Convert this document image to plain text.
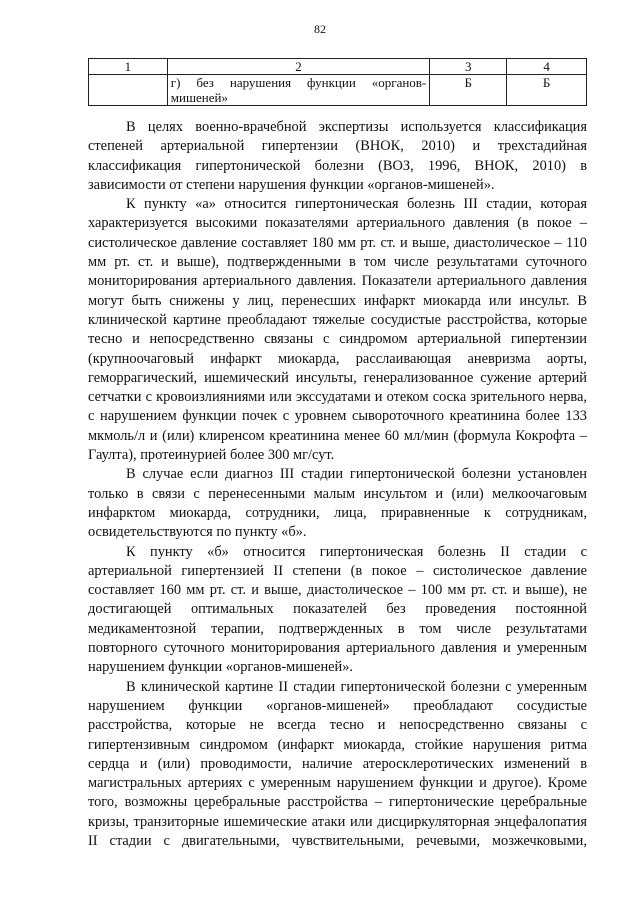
82
1	2	3	4
	г) без нарушения функции «органов-мишеней»	Б	Б

В целях военно-врачебной экспертизы используется классификация степеней артериальной гипертензии (ВНОК, 2010) и трехстадийная классификация гипертонической болезни (ВОЗ, 1996, ВНОК, 2010) в зависимости от степени нарушения функции «органов-мишеней».

К пункту «а» относится гипертоническая болезнь III стадии, которая характеризуется высокими показателями артериального давления (в покое – систолическое давление составляет 180 мм рт. ст. и выше, диастолическое – 110 мм рт. ст. и выше), подтвержденными в том числе результатами суточного мониторирования артериального давления. Показатели артериального давления могут быть снижены у лиц, перенесших инфаркт миокарда или инсульт. В клинической картине преобладают тяжелые сосудистые расстройства, которые тесно и непосредственно связаны с синдромом артериальной гипертензии (крупноочаговый инфаркт миокарда, расслаивающая аневризма аорты, геморрагический, ишемический инсульты, генерализованное сужение артерий сетчатки с кровоизлияниями или экссудатами и отеком соска зрительного нерва, с нарушением функции почек с уровнем сывороточного креатинина более 133 мкмоль/л и (или) клиренсом креатинина менее 60 мл/мин (формула Кокрофта – Гаулта), протеинурией более 300 мг/сут.

В случае если диагноз III стадии гипертонической болезни установлен только в связи с перенесенными малым инсультом и (или) мелкоочаговым инфарктом миокарда, сотрудники, лица, приравненные к сотрудникам, освидетельствуются по пункту «б».

К пункту «б» относится гипертоническая болезнь II стадии с артериальной гипертензией II степени (в покое – систолическое давление составляет 160 мм рт. ст. и выше, диастолическое – 100 мм рт. ст. и выше), не достигающей оптимальных показателей без проведения постоянной медикаментозной терапии, подтвержденных в том числе результатами повторного суточного мониторирования артериального давления и умеренным нарушением функции «органов-мишеней».

В клинической картине II стадии гипертонической болезни с умеренным нарушением функции «органов-мишеней» преобладают сосудистые расстройства, которые не всегда тесно и непосредственно связаны с гипертензивным синдромом (инфаркт миокарда, стойкие нарушения ритма сердца и (или) проводимости, наличие атеросклеротических изменений в магистральных артериях с умеренным нарушением функции и другое). Кроме того, возможны церебральные расстройства – гипертонические церебральные кризы, транзиторные ишемические атаки или дисциркуляторная энцефалопатия II стадии с двигательными, чувствительными, речевыми, мозжечковыми,
